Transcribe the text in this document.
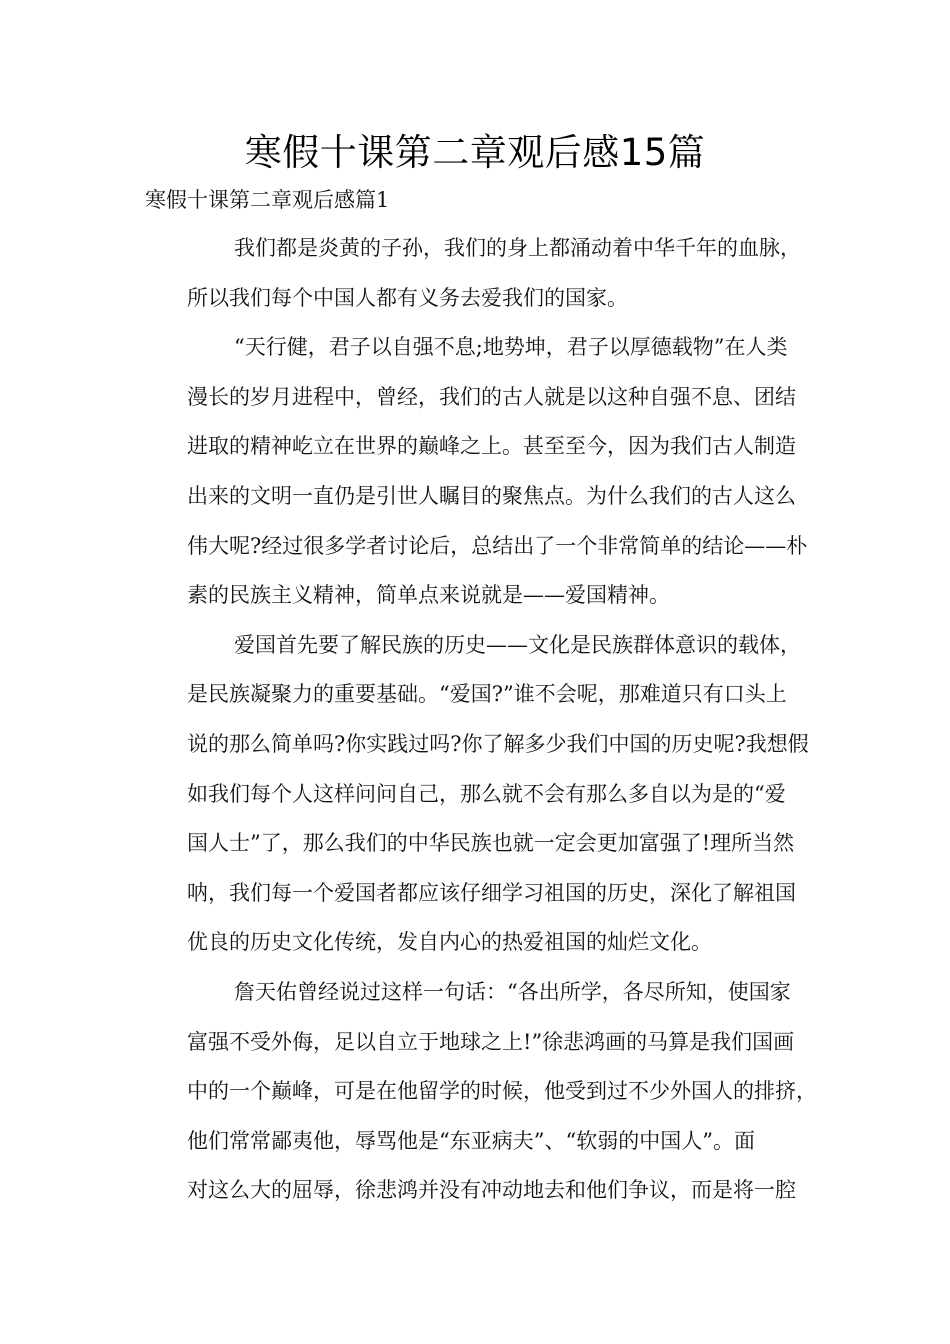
寒假十课第二章观后感15篇
寒假十课第二章观后感篇1
我们都是炎黄的子孙，我们的身上都涌动着中华千年的血脉，
所以我们每个中国人都有义务去爱我们的国家。
“天行健，君子以自强不息;地势坤，君子以厚德载物”在人类
漫长的岁月进程中，曾经，我们的古人就是以这种自强不息、团结
进取的精神屹立在世界的巅峰之上。甚至至今，因为我们古人制造
出来的文明一直仍是引世人瞩目的聚焦点。为什么我们的古人这么
伟大呢?经过很多学者讨论后，总结出了一个非常简单的结论——朴
素的民族主义精神，简单点来说就是——爱国精神。
爱国首先要了解民族的历史——文化是民族群体意识的载体，
是民族凝聚力的重要基础。“爱国?”谁不会呢，那难道只有口头上
说的那么简单吗?你实践过吗?你了解多少我们中国的历史呢?我想假
如我们每个人这样问问自己，那么就不会有那么多自以为是的“爱
国人士”了，那么我们的中华民族也就一定会更加富强了!理所当然
呐，我们每一个爱国者都应该仔细学习祖国的历史，深化了解祖国
优良的历史文化传统，发自内心的热爱祖国的灿烂文化。
詹天佑曾经说过这样一句话：“各出所学，各尽所知，使国家
富强不受外侮，足以自立于地球之上!”徐悲鸿画的马算是我们国画
中的一个巅峰，可是在他留学的时候，他受到过不少外国人的排挤，
他们常常鄙夷他，辱骂他是“东亚病夫”、“软弱的中国人”。面
对这么大的屈辱，徐悲鸿并没有冲动地去和他们争议，而是将一腔
